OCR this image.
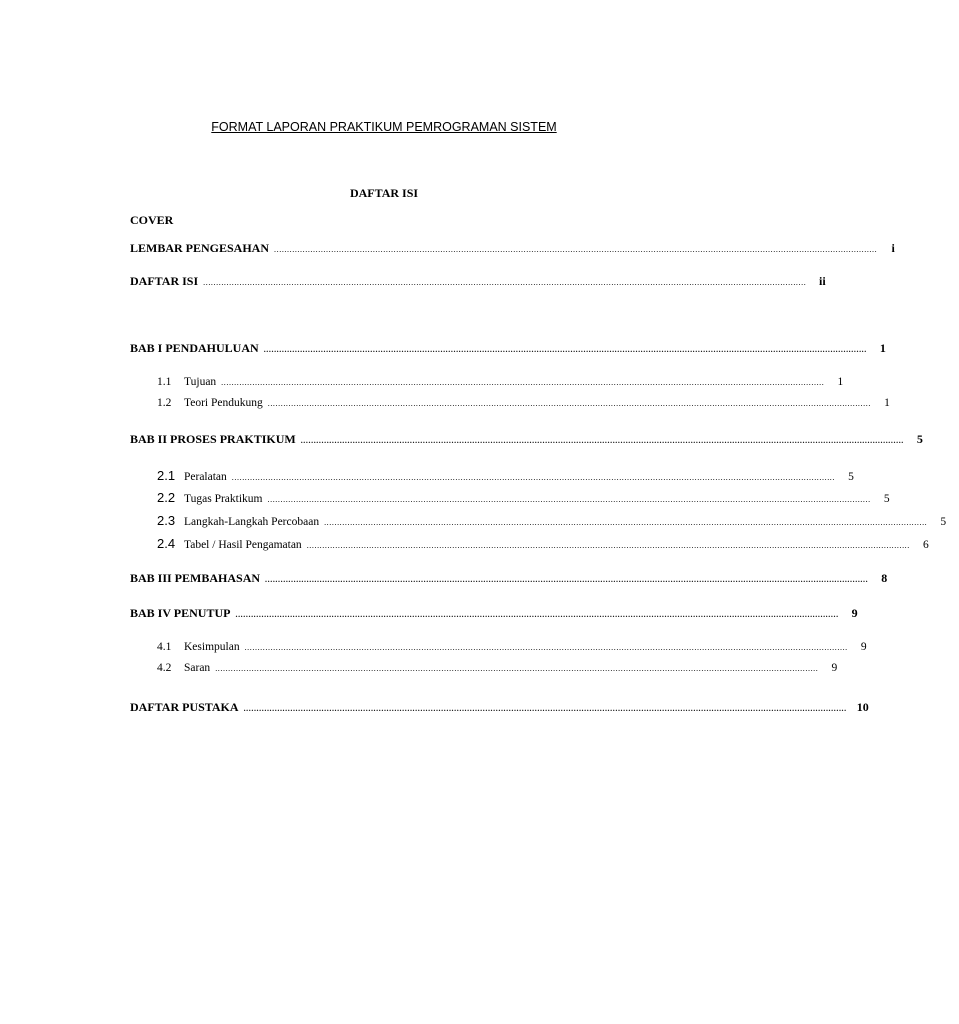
FORMAT LAPORAN PRAKTIKUM PEMROGRAMAN SISTEM
DAFTAR ISI
COVER
LEMBAR PENGESAHAN ........................................................................................................................................................................................................................................	i
DAFTAR ISI ........................................................................................................................................................................................................................................	ii
BAB I PENDAHULUAN ........................................................................................................................................................................................................................................	1
1.1	Tujuan ........................................................................................................................................................................................................................................	1
1.2	Teori Pendukung ........................................................................................................................................................................................................................................	1
BAB II PROSES PRAKTIKUM ........................................................................................................................................................................................................................................	5
2.1 Peralatan ........................................................................................................................................................................................................................................	5
2.2 Tugas Praktikum ........................................................................................................................................................................................................................................	5
2.3 Langkah-Langkah Percobaan ........................................................................................................................................................................................................................................	5
2.4 Tabel / Hasil Pengamatan ........................................................................................................................................................................................................................................	6
BAB III PEMBAHASAN ........................................................................................................................................................................................................................................	8
BAB IV PENUTUP ........................................................................................................................................................................................................................................	9
4.1	Kesimpulan ........................................................................................................................................................................................................................................	9
4.2	Saran ........................................................................................................................................................................................................................................	9
DAFTAR PUSTAKA ........................................................................................................................................................................................................................................ 10
